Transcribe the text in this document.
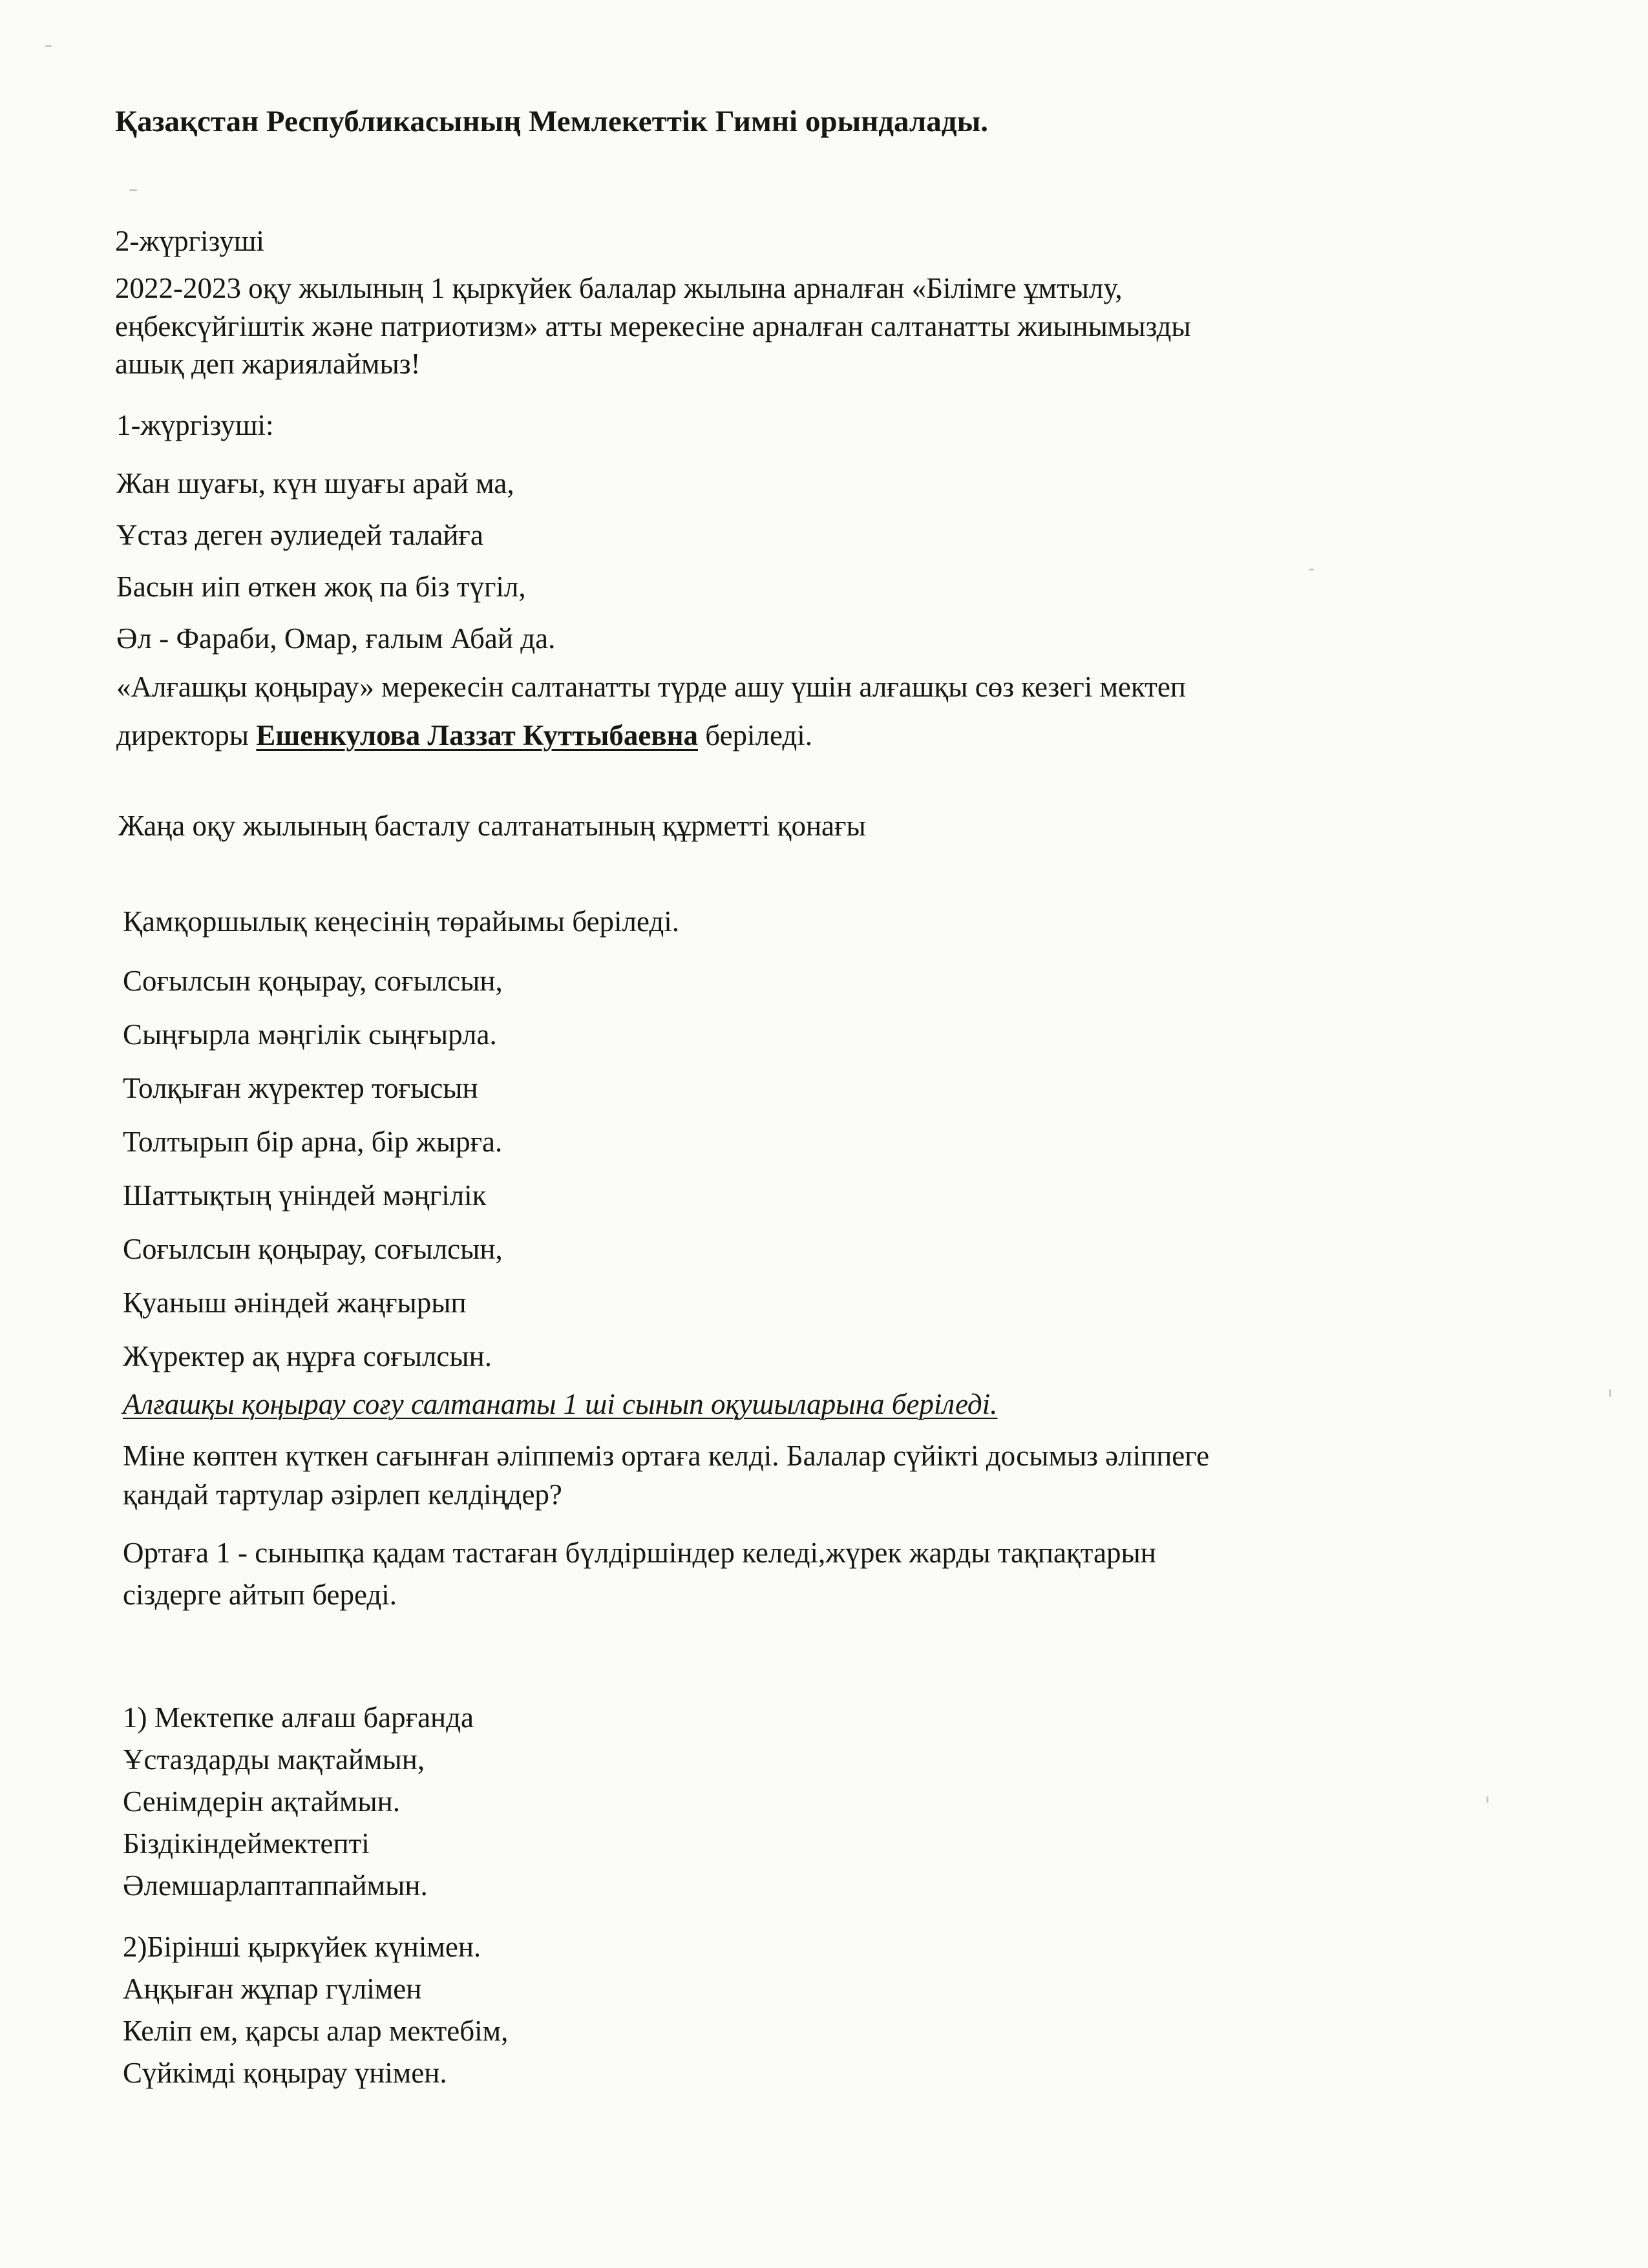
Қазақстан Республикасының Мемлекеттік Гимні орындалады.
2-жүргізуші
2022-2023 оқу жылының 1 қыркүйек балалар жылына арналған «Білімге ұмтылу,
еңбексүйгіштік және патриотизм» атты мерекесіне арналған салтанатты жиынымызды
ашық деп жариялаймыз!
1-жүргізуші:
Жан шуағы, күн шуағы арай ма,
Ұстаз деген әулиедей талайға
Басын иіп өткен жоқ па біз түгіл,
Әл - Фараби, Омар, ғалым Абай да.
«Алғашқы қоңырау» мерекесін салтанатты түрде ашу үшін алғашқы сөз кезегі мектеп
директоры Ешенкулова Лаззат Куттыбаевна беріледі.
Жаңа оқу жылының басталу салтанатының құрметті қонағы
Қамқоршылық кеңесінің төрайымы беріледі.
Соғылсын қоңырау, соғылсын,
Сыңғырла мәңгілік сыңғырла.
Толқыған жүректер тоғысын
Толтырып бір арна, бір жырға.
Шаттықтың үніндей мәңгілік
Соғылсын қоңырау, соғылсын,
Қуаныш әніндей жаңғырып
Жүректер ақ нұрға соғылсын.
Алғашқы қоңырау соғу салтанаты 1 ші сынып оқушыларына беріледі.
Міне көптен күткен сағынған әліппеміз ортаға келді. Балалар сүйікті досымыз әліппеге
қандай тартулар әзірлеп келдіңдер?
Ортаға 1 - сыныпқа қадам тастаған бүлдіршіндер келеді,жүрек жарды тақпақтарын
сіздерге айтып береді.
1) Мектепке алғаш барғанда
Ұстаздарды мақтаймын,
Сенімдерін ақтаймын.
Біздікіндеймектепті
Әлемшарлаптаппаймын.
2)Бірінші қыркүйек күнімен.
Аңқыған жұпар гүлімен
Келіп ем, қарсы алар мектебім,
Сүйкімді қоңырау үнімен.
